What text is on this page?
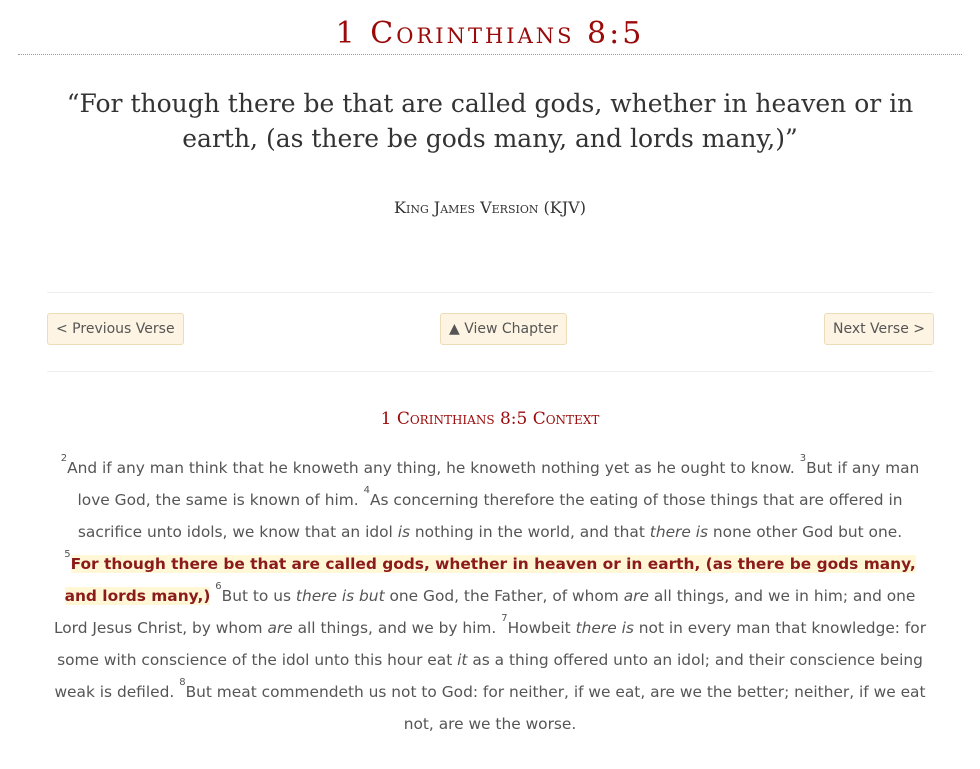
1 Corinthians 8:5
“For though there be that are called gods, whether in heaven or in earth, (as there be gods many, and lords many,)”
King James Version (KJV)
< Previous Verse	▲ View Chapter	Next Verse >
1 Corinthians 8:5 Context
$^2$And if any man think that he knoweth any thing, he knoweth nothing yet as he ought to know. $^3$But if any man love God, the same is known of him. $^4$As concerning therefore the eating of those things that are offered in sacrifice unto idols, we know that an idol is nothing in the world, and that there is none other God but one.
$^5$For though there be that are called gods, whether in heaven or in earth, (as there be gods many, and lords many,) $^6$But to us there is but one God, the Father, of whom are all things, and we in him; and one Lord Jesus Christ, by whom are all things, and we by him. $^7$Howbeit there is not in every man that knowledge: for some with conscience of the idol unto this hour eat it as a thing offered unto an idol; and their conscience being weak is defiled. $^8$But meat commendeth us not to God: for neither, if we eat, are we the better; neither, if we eat not, are we the worse.
